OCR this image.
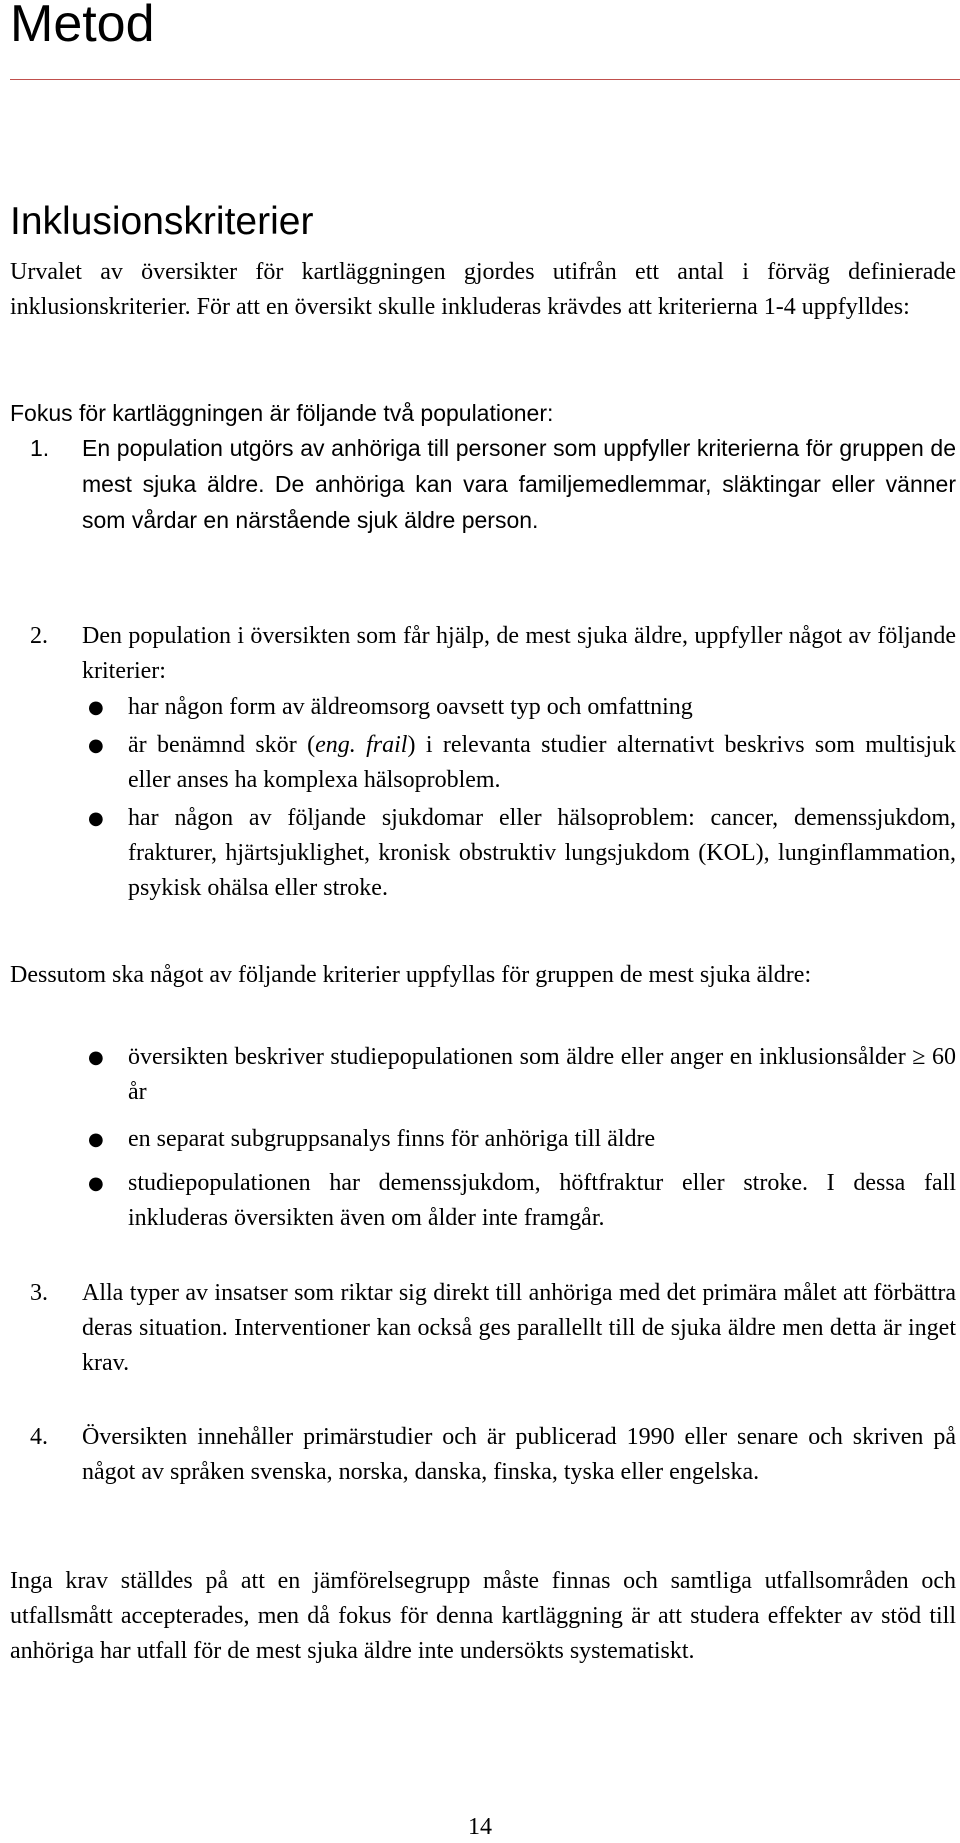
Metod
Inklusionskriterier

Urvalet av översikter för kartläggningen gjordes utifrån ett antal i förväg definierade inklusionskriterier. För att en översikt skulle inkluderas krävdes att kriterierna 1-4 uppfylldes:

Fokus för kartläggningen är följande två populationer:

1. En population utgörs av anhöriga till personer som uppfyller kriterierna för gruppen de mest sjuka äldre. De anhöriga kan vara familjemedlemmar, släktingar eller vänner som vårdar en närstående sjuk äldre person.

2. Den population i översikten som får hjälp, de mest sjuka äldre, uppfyller något av följande kriterier:

● har någon form av äldreomsorg oavsett typ och omfattning

● är benämnd skör (eng. frail) i relevanta studier alternativt beskrivs som multisjuk eller anses ha komplexa hälsoproblem.

● har någon av följande sjukdomar eller hälsoproblem: cancer, demenssjukdom, frakturer, hjärtsjuklighet, kronisk obstruktiv lungsjukdom (KOL), lunginflammation, psykisk ohälsa eller stroke.

Dessutom ska något av följande kriterier uppfyllas för gruppen de mest sjuka äldre:

● översikten beskriver studiepopulationen som äldre eller anger en inklusionsålder ≥ 60 år

● en separat subgruppsanalys finns för anhöriga till äldre

● studiepopulationen har demenssjukdom, höftfraktur eller stroke. I dessa fall inkluderas översikten även om ålder inte framgår.

3. Alla typer av insatser som riktar sig direkt till anhöriga med det primära målet att förbättra deras situation. Interventioner kan också ges parallellt till de sjuka äldre men detta är inget krav.

4. Översikten innehåller primärstudier och är publicerad 1990 eller senare och skriven på något av språken svenska, norska, danska, finska, tyska eller engelska.

Inga krav ställdes på att en jämförelsegrupp måste finnas och samtliga utfallsområden och utfallsmått accepterades, men då fokus för denna kartläggning är att studera effekter av stöd till anhöriga har utfall för de mest sjuka äldre inte undersökts systematiskt.

14
